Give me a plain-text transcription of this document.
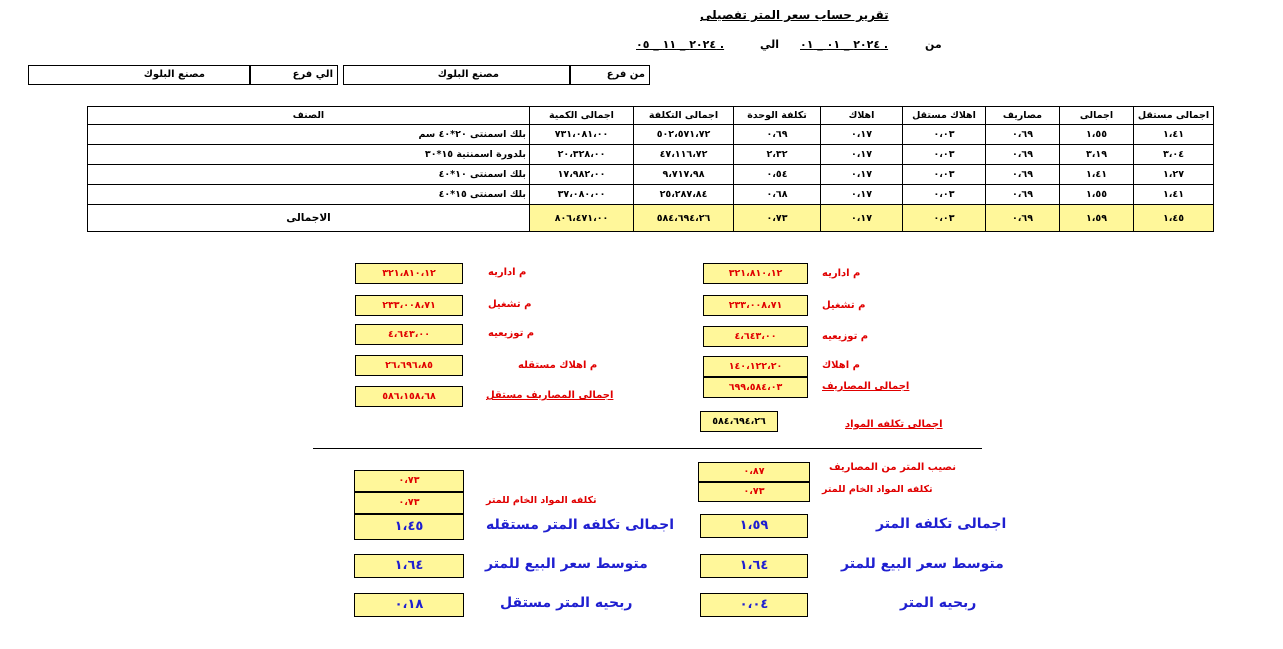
تقرير حساب سعر المتر تفصيلى
من
٢٠٢٤ _ ٠١ _ ٠١ .
الي
٢٠٢٤ _ ١١ _ ٠٥ .
من فرع
مصنع البلوك
الي فرع
مصنع البلوك
الصنف	اجمالى الكمية	اجمالى التكلفة	تكلفة الوحدة	اهلاك	اهلاك مستقل	مصاريف	اجمالى	اجمالى مستقل
بلك اسمنتى ٢٠*٤٠ سم	٧٣١،٠٨١،٠٠	٥٠٢،٥٧١،٧٢	٠،٦٩	٠،١٧	٠،٠٣	٠،٦٩	١،٥٥	١،٤١
بلدورة اسمنتية ١٥*٣٠	٢٠،٣٢٨،٠٠	٤٧،١١٦،٧٢	٢،٣٢	٠،١٧	٠،٠٣	٠،٦٩	٣،١٩	٣،٠٤
بلك اسمنتى ١٠*٤٠	١٧،٩٨٢،٠٠	٩،٧١٧،٩٨	٠،٥٤	٠،١٧	٠،٠٣	٠،٦٩	١،٤١	١،٢٧
بلك اسمنتى ١٥*٤٠	٣٧،٠٨٠،٠٠	٢٥،٢٨٧،٨٤	٠،٦٨	٠،١٧	٠،٠٣	٠،٦٩	١،٥٥	١،٤١
الاجمالى	٨٠٦،٤٧١،٠٠	٥٨٤،٦٩٤،٢٦	٠،٧٣	٠،١٧	٠،٠٣	٠،٦٩	١،٥٩	١،٤٥
٣٢١،٨١٠،١٢	م اداريه
٢٣٣،٠٠٨،٧١	م تشغيل
٤،٦٤٣،٠٠	م توزيعيه
١٤٠،١٢٢،٢٠	م اهلاك
٦٩٩،٥٨٤،٠٣	اجمالى المصاريف
٥٨٤،٦٩٤،٢٦	اجمالى تكلفه المواد
٣٢١،٨١٠،١٢	م اداريه
٢٣٣،٠٠٨،٧١	م تشغيل
٤،٦٤٣،٠٠	م توزيعيه
٢٦،٦٩٦،٨٥	م اهلاك مستقله
٥٨٦،١٥٨،٦٨	اجمالى المصاريف مستقل
٠،٨٧	نصيب المتر من المصاريف
٠،٧٣	تكلفه المواد الخام للمتر
١،٥٩	اجمالى تكلفه المتر
١،٦٤	متوسط سعر البيع للمتر
٠،٠٤	ربحيه المتر
٠،٧٣
٠،٧٣	تكلفه المواد الخام للمتر
١،٤٥	اجمالى تكلفه المتر مستقله
١،٦٤	متوسط سعر البيع للمتر
٠،١٨	ربحيه المتر مستقل
